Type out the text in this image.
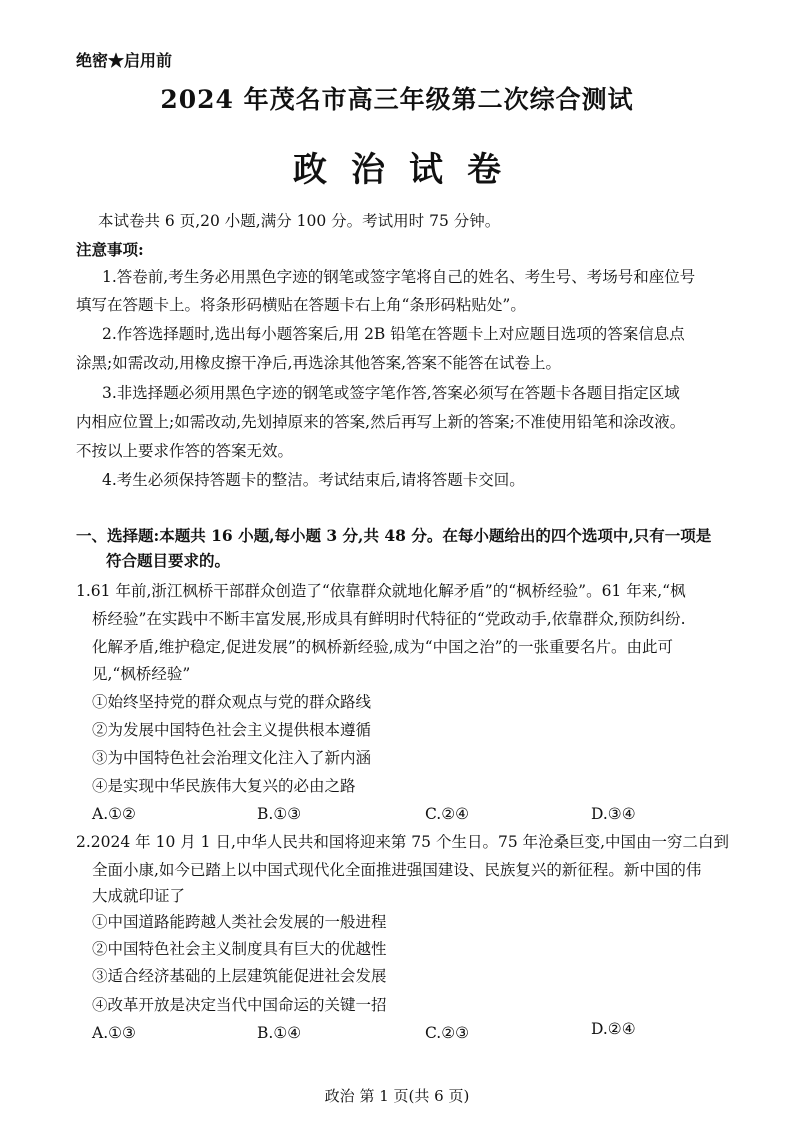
绝密★启用前
2024 年茂名市高三年级第二次综合测试
政治试卷
本试卷共 6 页,20 小题,满分 100 分。考试用时 75 分钟。
注意事项:
1.答卷前,考生务必用黑色字迹的钢笔或签字笔将自己的姓名、考生号、考场号和座位号
填写在答题卡上。将条形码横贴在答题卡右上角“条形码粘贴处”。
2.作答选择题时,选出每小题答案后,用 2B 铅笔在答题卡上对应题目选项的答案信息点
涂黑;如需改动,用橡皮擦干净后,再选涂其他答案,答案不能答在试卷上。
3.非选择题必须用黑色字迹的钢笔或签字笔作答,答案必须写在答题卡各题目指定区域
内相应位置上;如需改动,先划掉原来的答案,然后再写上新的答案;不准使用铅笔和涂改液。
不按以上要求作答的答案无效。
4.考生必须保持答题卡的整洁。考试结束后,请将答题卡交回。
一、选择题:本题共 16 小题,每小题 3 分,共 48 分。在每小题给出的四个选项中,只有一项是
符合题目要求的。
1.61 年前,浙江枫桥干部群众创造了“依靠群众就地化解矛盾”的“枫桥经验”。61 年来,“枫
桥经验”在实践中不断丰富发展,形成具有鲜明时代特征的“党政动手,依靠群众,预防纠纷.
化解矛盾,维护稳定,促进发展”的枫桥新经验,成为“中国之治”的一张重要名片。由此可
见,“枫桥经验”
①始终坚持党的群众观点与党的群众路线
②为发展中国特色社会主义提供根本遵循
③为中国特色社会治理文化注入了新内涵
④是实现中华民族伟大复兴的必由之路
A.①②	B.①③	C.②④	D.③④
2.2024 年 10 月 1 日,中华人民共和国将迎来第 75 个生日。75 年沧桑巨变,中国由一穷二白到
全面小康,如今已踏上以中国式现代化全面推进强国建设、民族复兴的新征程。新中国的伟
大成就印证了
①中国道路能跨越人类社会发展的一般进程
②中国特色社会主义制度具有巨大的优越性
③适合经济基础的上层建筑能促进社会发展
④改革开放是决定当代中国命运的关键一招
A.①③	B.①④	C.②③	D.②④
政治 第 1 页(共 6 页)
